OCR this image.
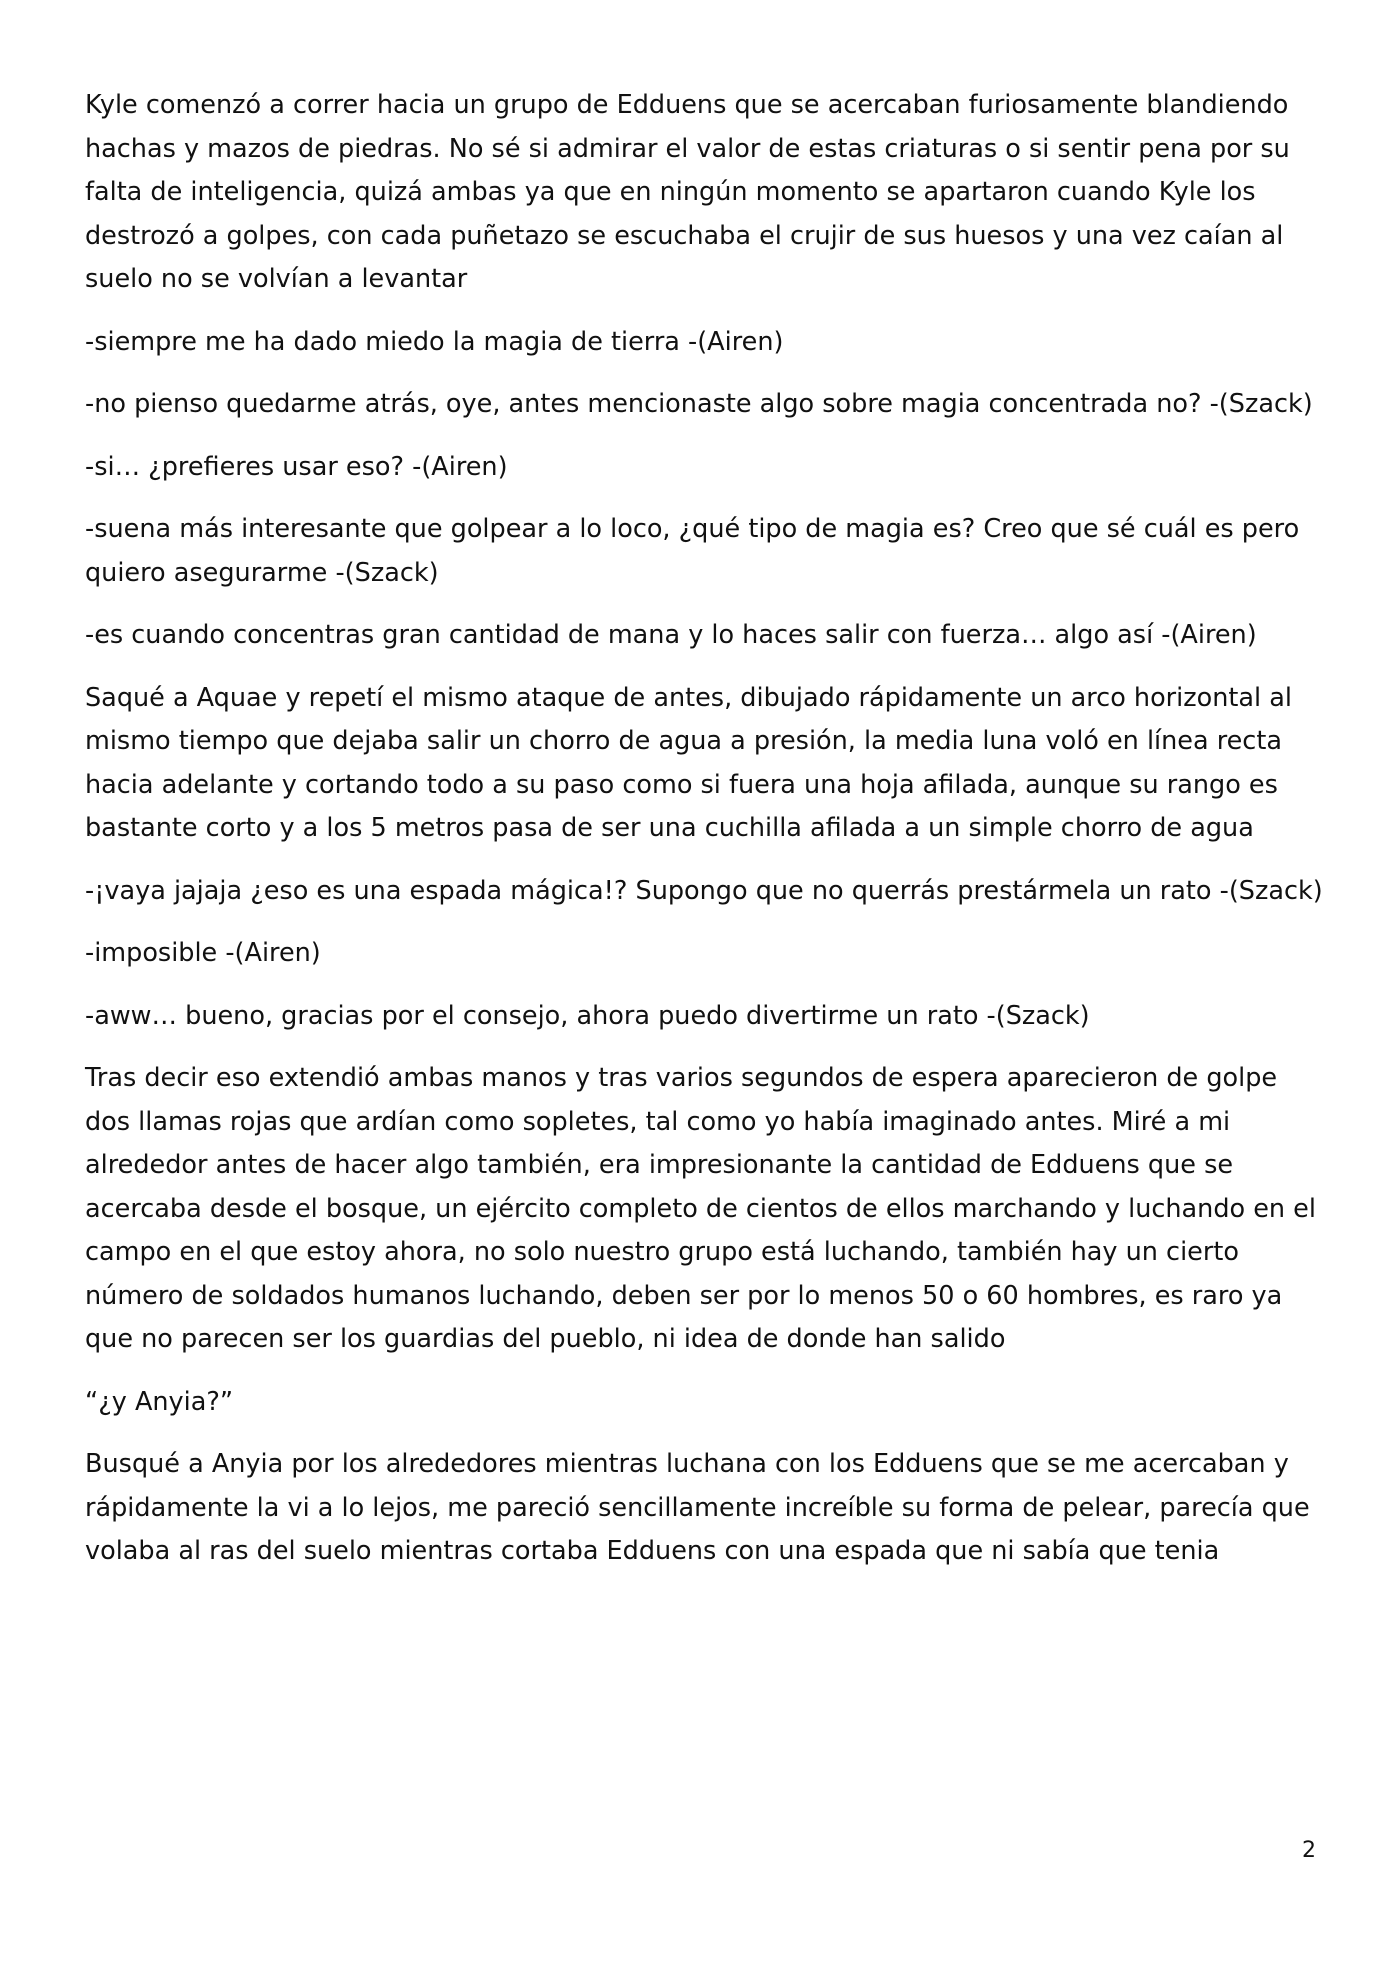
Kyle comenzó a correr hacia un grupo de Edduens que se acercaban furiosamente blandiendo hachas y mazos de piedras. No sé si admirar el valor de estas criaturas o si sentir pena por su falta de inteligencia, quizá ambas ya que en ningún momento se apartaron cuando Kyle los destrozó a golpes, con cada puñetazo se escuchaba el crujir de sus huesos y una vez caían al suelo no se volvían a levantar

-siempre me ha dado miedo la magia de tierra -(Airen)

-no pienso quedarme atrás, oye, antes mencionaste algo sobre magia concentrada no? -(Szack)

-si… ¿prefieres usar eso? -(Airen)

-suena más interesante que golpear a lo loco, ¿qué tipo de magia es? Creo que sé cuál es pero quiero asegurarme -(Szack)

-es cuando concentras gran cantidad de mana y lo haces salir con fuerza… algo así -(Airen)

Saqué a Aquae y repetí el mismo ataque de antes, dibujado rápidamente un arco horizontal al mismo tiempo que dejaba salir un chorro de agua a presión, la media luna voló en línea recta hacia adelante y cortando todo a su paso como si fuera una hoja afilada, aunque su rango es bastante corto y a los 5 metros pasa de ser una cuchilla afilada a un simple chorro de agua

-¡vaya jajaja ¿eso es una espada mágica!? Supongo que no querrás prestármela un rato -(Szack)

-imposible -(Airen)

-aww… bueno, gracias por el consejo, ahora puedo divertirme un rato -(Szack)

Tras decir eso extendió ambas manos y tras varios segundos de espera aparecieron de golpe dos llamas rojas que ardían como sopletes, tal como yo había imaginado antes. Miré a mi alrededor antes de hacer algo también, era impresionante la cantidad de Edduens que se acercaba desde el bosque, un ejército completo de cientos de ellos marchando y luchando en el campo en el que estoy ahora, no solo nuestro grupo está luchando, también hay un cierto número de soldados humanos luchando, deben ser por lo menos 50 o 60 hombres, es raro ya que no parecen ser los guardias del pueblo, ni idea de donde han salido

“¿y Anyia?”

Busqué a Anyia por los alrededores mientras luchana con los Edduens que se me acercaban y rápidamente la vi a lo lejos, me pareció sencillamente increíble su forma de pelear, parecía que volaba al ras del suelo mientras cortaba Edduens con una espada que ni sabía que tenia

2
